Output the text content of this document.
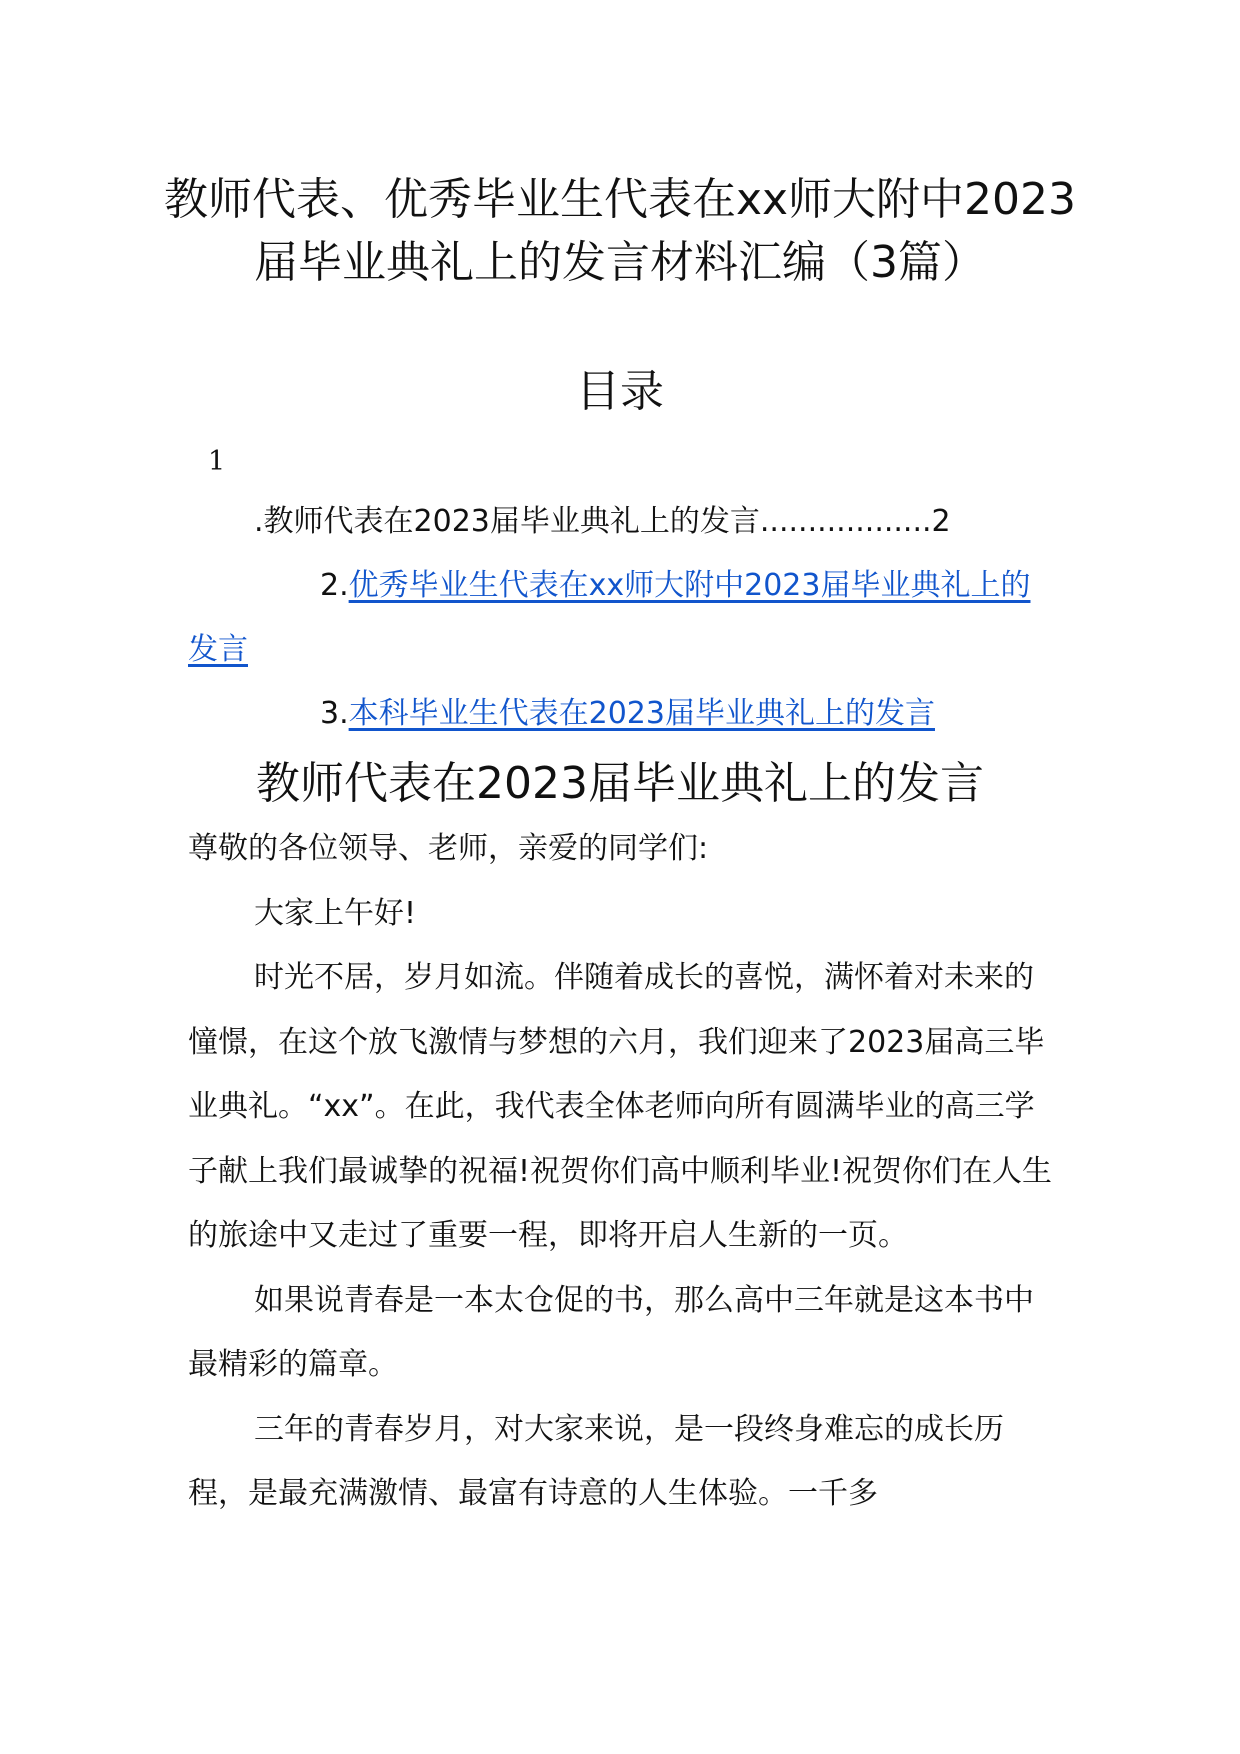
教师代表、优秀毕业生代表在xx师大附中2023届毕业典礼上的发言材料汇编（3篇）
目录
1

.教师代表在2023届毕业典礼上的发言..................2

2.优秀毕业生代表在xx师大附中2023届毕业典礼上的发言

3.本科毕业生代表在2023届毕业典礼上的发言

教师代表在2023届毕业典礼上的发言

尊敬的各位领导、老师，亲爱的同学们:

大家上午好!

时光不居，岁月如流。伴随着成长的喜悦，满怀着对未来的憧憬，在这个放飞激情与梦想的六月，我们迎来了2023届高三毕业典礼。“xx”。在此，我代表全体老师向所有圆满毕业的高三学子献上我们最诚挚的祝福!祝贺你们高中顺利毕业!祝贺你们在人生的旅途中又走过了重要一程，即将开启人生新的一页。

如果说青春是一本太仓促的书，那么高中三年就是这本书中最精彩的篇章。

三年的青春岁月，对大家来说，是一段终身难忘的成长历程，是最充满激情、最富有诗意的人生体验。一千多
